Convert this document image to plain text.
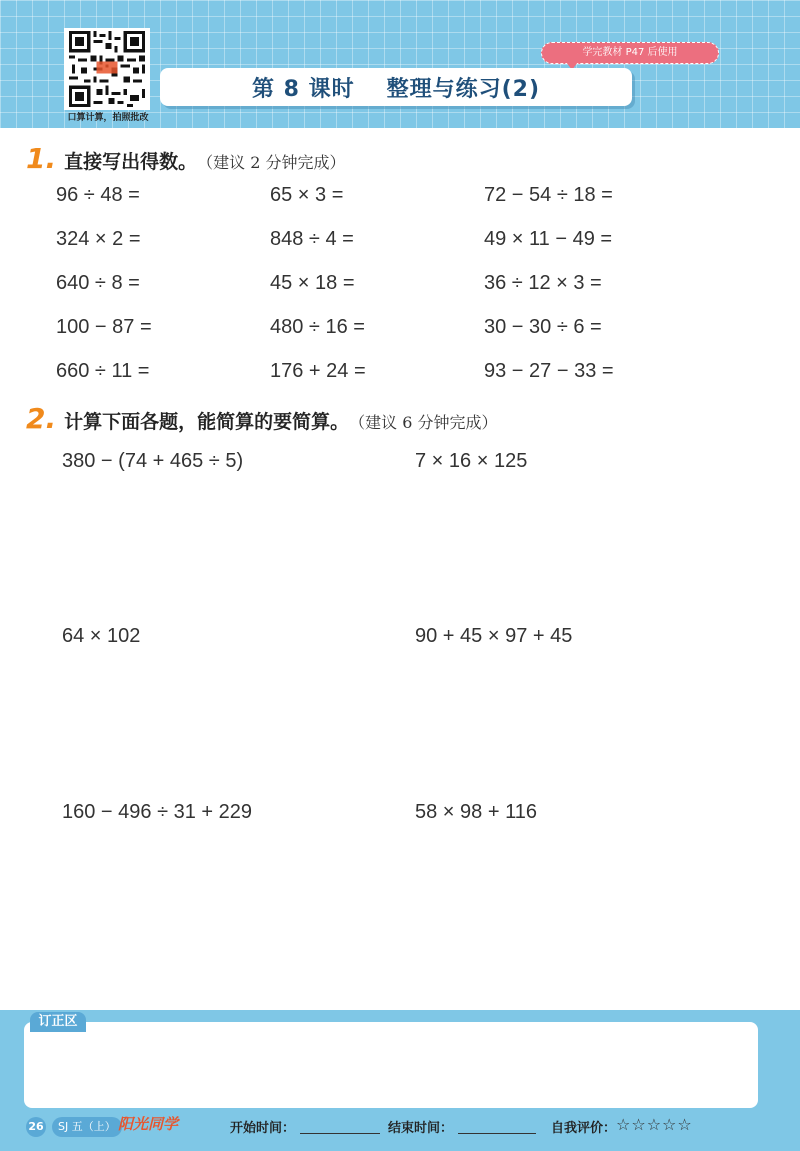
口算计算，拍照批改
学完教材 P47 后使用
第 8 课时 整理与练习(2)
1. 直接写出得数。 （建议 2 分钟完成）
96 ÷ 48 =	65 × 3 =	72 − 54 ÷ 18 =
324 × 2 =	848 ÷ 4 =	49 × 11 − 49 =
640 ÷ 8 =	45 × 18 =	36 ÷ 12 × 3 =
100 − 87 =	480 ÷ 16 =	30 − 30 ÷ 6 =
660 ÷ 11 =	176 + 24 =	93 − 27 − 33 =
2. 计算下面各题，能简算的要简算。 （建议 6 分钟完成）
380 − (74 + 465 ÷ 5)	7 × 16 × 125
64 × 102	90 + 45 × 97 + 45
160 − 496 ÷ 31 + 229	58 × 98 + 116
订正区
26	SJ 五（上） 阳光同学	开始时间：	结束时间：	自我评价： ☆☆☆☆☆
